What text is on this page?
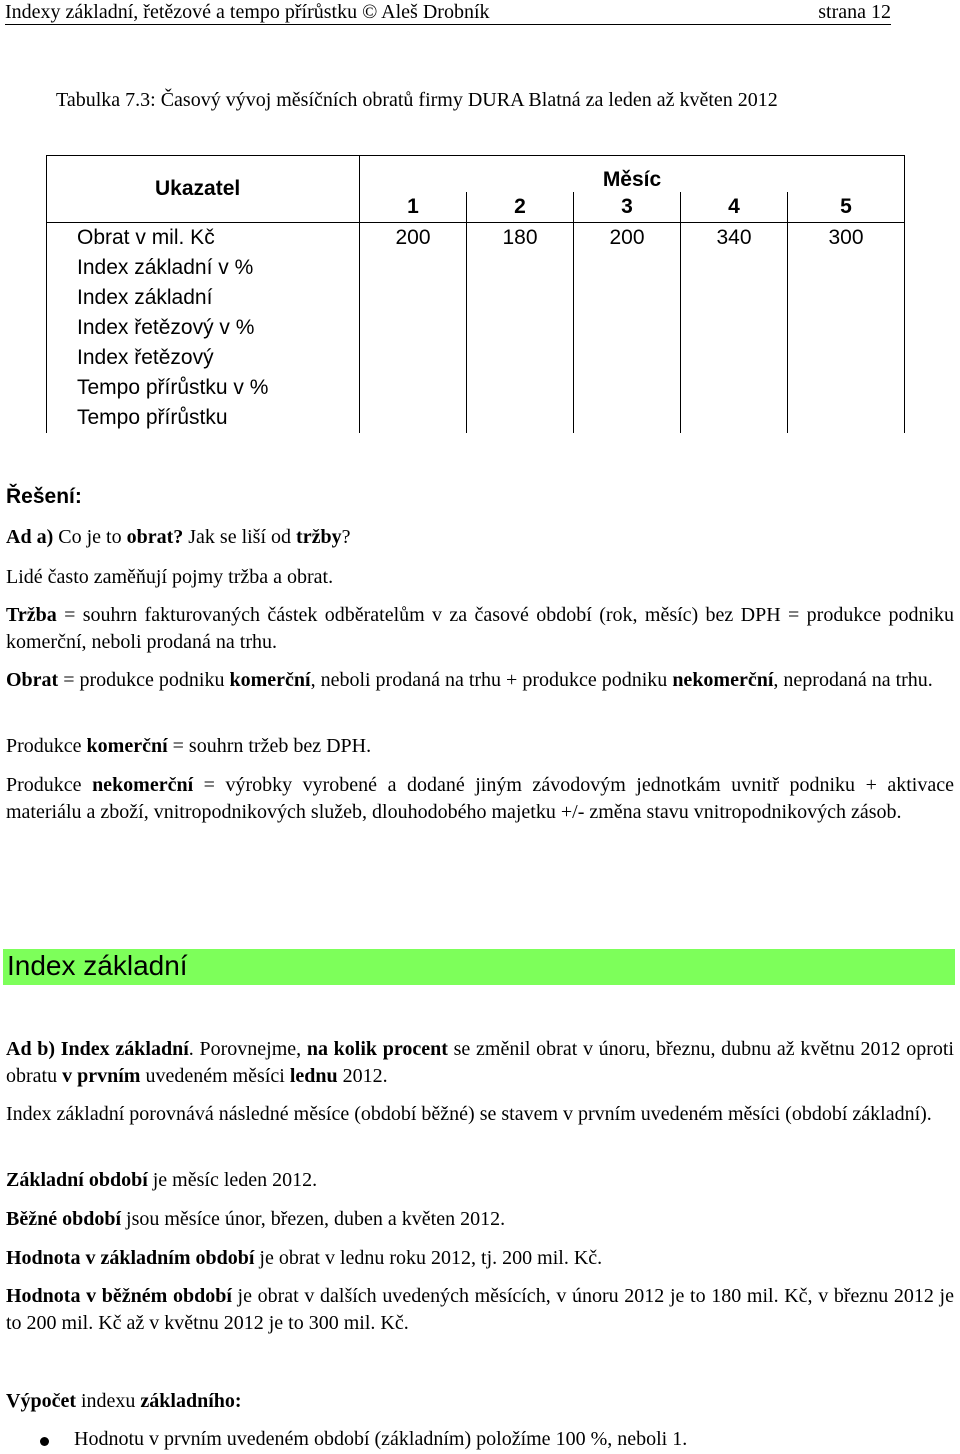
Indexy základní, řetězové a tempo přírůstku © Aleš Drobník	strana 12
Tabulka 7.3: Časový vývoj měsíčních obratů firmy DURA Blatná za leden až květen 2012
Ukazatel	Měsíc				
	1	2	3	4	5
Obrat v mil. Kč	200	180	200	340	300
Index základní v %					
Index základní					
Index řetězový v %					
Index řetězový					
Tempo přírůstku v %					
Tempo přírůstku					
Řešení:
Ad a) Co je to obrat? Jak se liší od tržby?
Lidé často zaměňují pojmy tržba a obrat.
Tržba = souhrn fakturovaných částek odběratelům v za časové období (rok, měsíc) bez DPH = produkce podniku komerční, neboli prodaná na trhu.
Obrat = produkce podniku komerční, neboli prodaná na trhu + produkce podniku nekomerční, neprodaná na trhu.
Produkce komerční = souhrn tržeb bez DPH.
Produkce nekomerční = výrobky vyrobené a dodané jiným závodovým jednotkám uvnitř podniku + aktivace materiálu a zboží, vnitropodnikových služeb, dlouhodobého majetku +/- změna stavu vnitropodnikových zásob.
Index základní
Ad b) Index základní. Porovnejme, na kolik procent se změnil obrat v únoru, březnu, dubnu až květnu 2012 oproti obratu v prvním uvedeném měsíci lednu 2012.
Index základní porovnává následné měsíce (období běžné) se stavem v prvním uvedeném měsíci (období základní).
Základní období je měsíc leden 2012.
Běžné období jsou měsíce únor, březen, duben a květen 2012.
Hodnota v základním období je obrat v lednu roku 2012, tj. 200 mil. Kč.
Hodnota v běžném období je obrat v dalších uvedených měsících, v únoru 2012 je to 180 mil. Kč, v březnu 2012 je to 200 mil. Kč až v květnu 2012 je to 300 mil. Kč.
Výpočet indexu základního:
Hodnotu v prvním uvedeném období (základním) položíme 100 %, neboli 1.
